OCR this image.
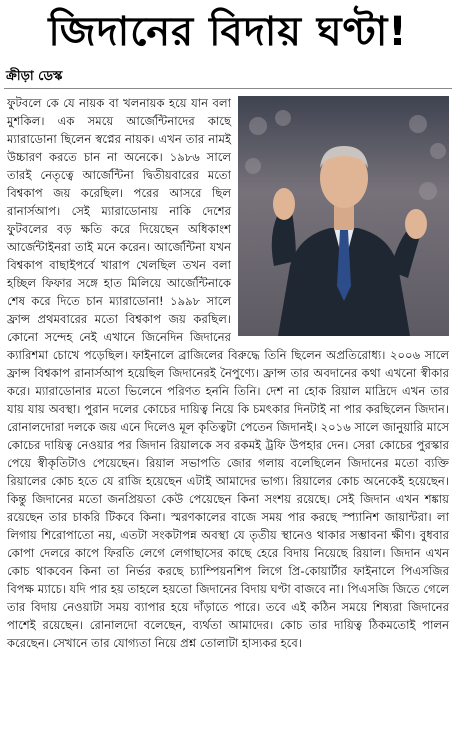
জিদানের বিদায় ঘণ্টা!
ক্রীড়া ডেস্ক

ফুটবলে কে যে নায়ক বা খলনায়ক হয়ে যান বলা মুশকিল। এক সময়ে আর্জেন্টিনাদের কাছে ম্যারাডোনা ছিলেন স্বপ্নের নায়ক। এখন তার নামই উচ্চারণ করতে চান না অনেকে। ১৯৮৬ সালে তারই নেতৃত্বে আর্জেন্টিনা দ্বিতীয়বারের মতো বিশ্বকাপ জয় করেছিল। পরের আসরে ছিল রানার্সআপ। সেই ম্যারাডোনায় নাকি দেশের ফুটবলের বড় ক্ষতি করে দিয়েছেন অধিকাংশ আর্জেন্টাইনরা তাই মনে করেন। আর্জেন্টিনা যখন বিশ্বকাপ বাছাইপর্বে খারাপ খেলছিল তখন বলা হচ্ছিল ফিফার সঙ্গে হাত মিলিয়ে আর্জেন্টিনাকে শেষ করে দিতে চান ম্যারাডোনা! ১৯৯৮ সালে ফ্রান্স প্রথমবারের মতো বিশ্বকাপ জয় করছিল। কোনো সন্দেহ নেই এখানে জিনেদিন জিদানের ক্যারিশমা চোখে পড়েছিল। ফাইনালে ব্রাজিলের বিরুদ্ধে তিনি ছিলেন অপ্রতিরোধ্য। ২০০৬ সালে ফ্রান্স বিশ্বকাপ রানার্সআপ হয়েছিল জিদানেরই নৈপুণ্যে। ফ্রান্স তার অবদানের কথা এখনো স্বীকার করে। ম্যারাডোনার মতো ভিলেনে পরিণত হননি তিনি। দেশ না হোক রিয়াল মাদ্রিদে এখন তার যায় যায় অবস্থা। পুরান দলের কোচের দায়িত্ব নিয়ে কি চমৎকার দিনটাই না পার করছিলেন জিদান। রোনালদোরা দলকে জয় এনে দিলেও মূল কৃতিত্বটা পেতেন জিদানই। ২০১৬ সালে জানুয়ারি মাসে কোচের দায়িত্ব নেওয়ার পর জিদান রিয়ালকে সব রকমই ট্রফি উপহার দেন। সেরা কোচের পুরস্কার পেয়ে স্বীকৃতিটাও পেয়েছেন। রিয়াল সভাপতি জোর গলায় বলেছিলেন জিদানের মতো ব্যক্তি রিয়ালের কোচ হতে যে রাজি হয়েছেন এটাই আমাদের ভাগ্য। রিয়ালের কোচ অনেকেই হয়েছেন। কিন্তু জিদানের মতো জনপ্রিয়তা কেউ পেয়েছেন কিনা সংশয় রয়েছে। সেই জিদান এখন শঙ্কায় রয়েছেন তার চাকরি টিকবে কিনা। স্মরণকালের বাজে সময় পার করছে স্প্যানিশ জায়ান্টরা। লা লিগায় শিরোপাতো নয়, এতটা সংকটাপন্ন অবস্থা যে তৃতীয় স্থানেও থাকার সম্ভাবনা ক্ষীণ। বুধবার কোপা দেলরে কাপে ফিরতি লেগে লেগাছাসের কাছে হেরে বিদায় নিয়েছে রিয়াল। জিদান এখন কোচ থাকবেন কিনা তা নির্ভর করছে চ্যাম্পিয়নশিপ লিগে প্রি-কোয়ার্টার ফাইনালে পিএসজির বিপক্ষ ম্যাচে। যদি পার হয় তাহলে হয়তো জিদানের বিদায় ঘণ্টা বাজবে না। পিএসজি জিতে গেলে তার বিদায় নেওয়াটা সময় ব্যাপার হয়ে দাঁড়াতে পারে। তবে এই কঠিন সময়ে শিষ্যরা জিদানের পাশেই রয়েছেন। রোনালদো বলেছেন, ব্যর্থতা আমাদের। কোচ তার দায়িত্ব ঠিকমতোই পালন করেছেন। সেখানে তার যোগ্যতা নিয়ে প্রশ্ন তোলাটা হাস্যকর হবে।
